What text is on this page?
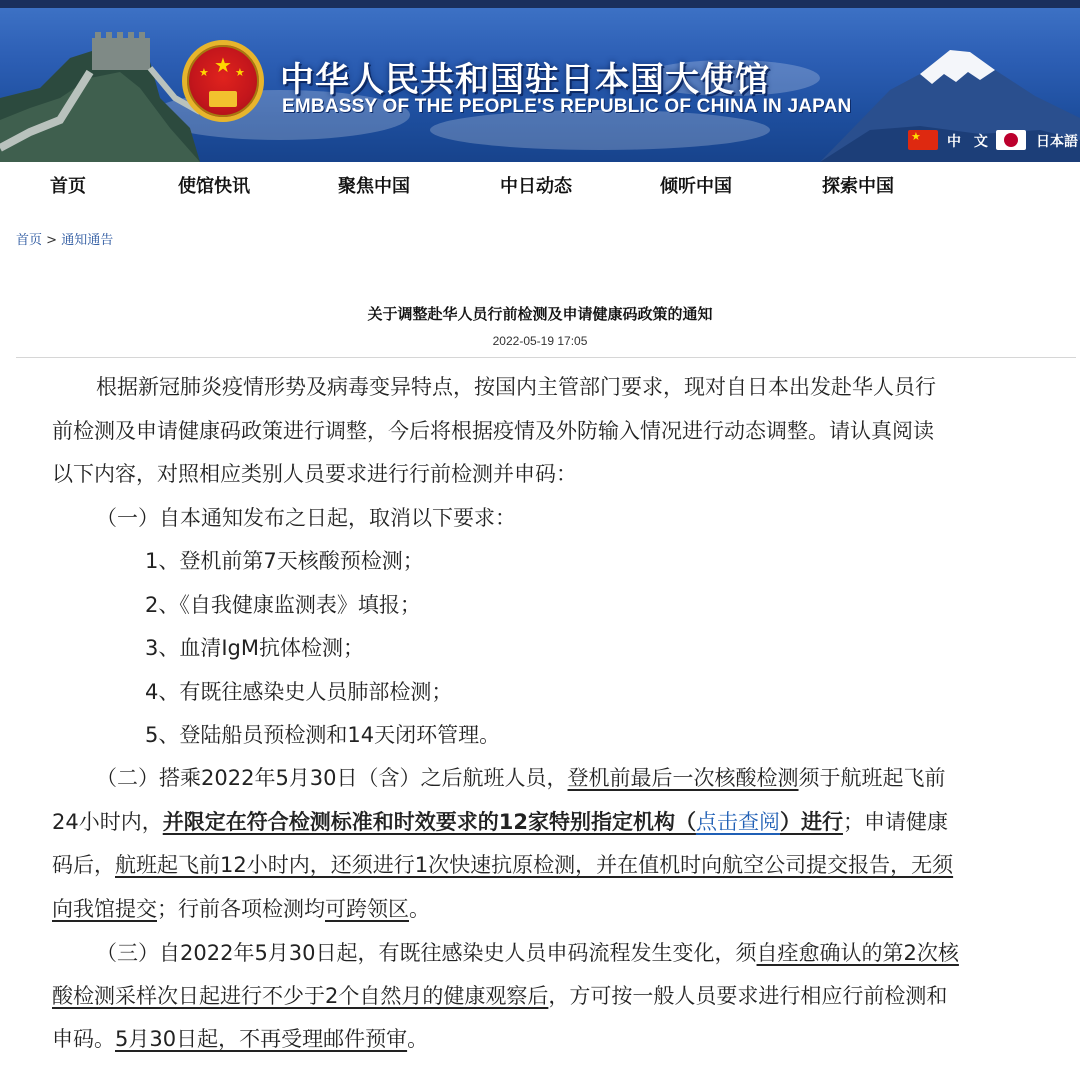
★
★ ★ 中华人民共和国驻日本国大使馆
EMBASSY OF THE PEOPLE'S REPUBLIC OF CHINA IN JAPAN
★ 中 文	日本語
首页	使馆快讯	聚焦中国	中日动态	倾听中国	探索中国
首页 > 通知通告
关于调整赴华人员行前检测及申请健康码政策的通知
2022-05-19 17:05
根据新冠肺炎疫情形势及病毒变异特点，按国内主管部门要求，现对自日本出发赴华人员行
前检测及申请健康码政策进行调整，今后将根据疫情及外防输入情况进行动态调整。请认真阅读
以下内容，对照相应类别人员要求进行行前检测并申码：
（一）自本通知发布之日起，取消以下要求：
1、登机前第7天核酸预检测；
2、《自我健康监测表》填报；
3、血清IgM抗体检测；
4、有既往感染史人员肺部检测；
5、登陆船员预检测和14天闭环管理。
（二）搭乘2022年5月30日（含）之后航班人员，登机前最后一次核酸检测须于航班起飞前
24小时内，并限定在符合检测标准和时效要求的12家特别指定机构（点击查阅）进行；申请健康
码后，航班起飞前12小时内，还须进行1次快速抗原检测，并在值机时向航空公司提交报告，无须
向我馆提交；行前各项检测均可跨领区。
（三）自2022年5月30日起，有既往感染史人员申码流程发生变化，须自痊愈确认的第2次核
酸检测采样次日起进行不少于2个自然月的健康观察后，方可按一般人员要求进行相应行前检测和
申码。5月30日起，不再受理邮件预审。
